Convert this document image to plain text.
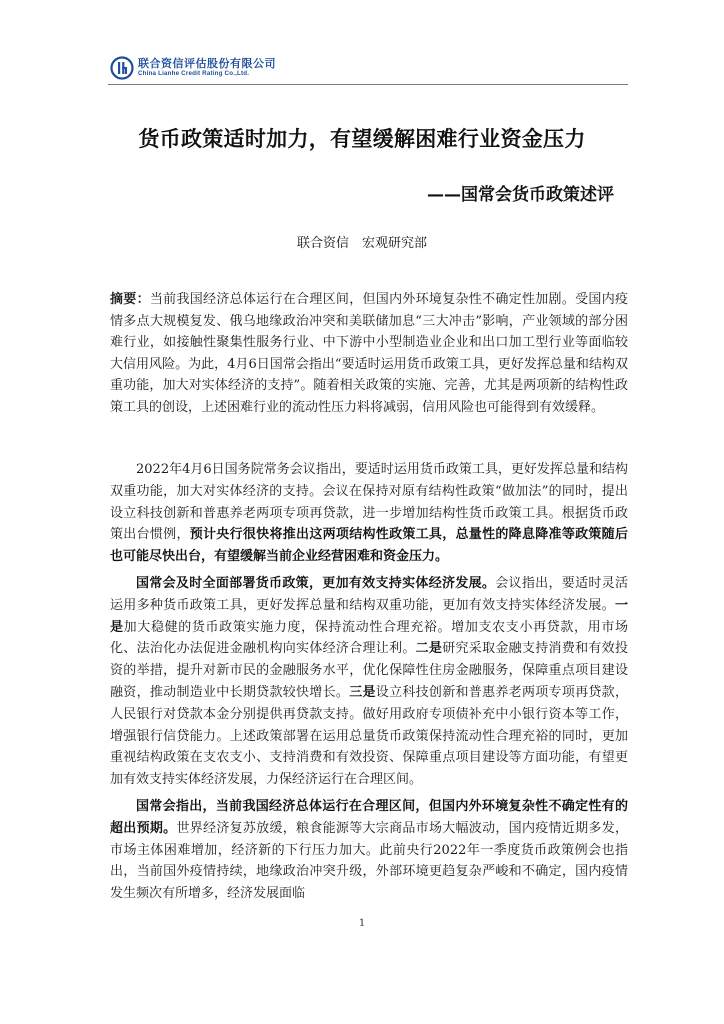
联合资信评估股份有限公司
China Lianhe Credit Rating Co.,Ltd.
货币政策适时加力，有望缓解困难行业资金压力
——国常会货币政策述评
联合资信　宏观研究部
摘要：当前我国经济总体运行在合理区间，但国内外环境复杂性不确定性加剧。受国内疫情多点大规模复发、俄乌地缘政治冲突和美联储加息“三大冲击”影响，产业领域的部分困难行业，如接触性聚集性服务行业、中下游中小型制造业企业和出口加工型行业等面临较大信用风险。为此，4月6日国常会指出“要适时运用货币政策工具，更好发挥总量和结构双重功能，加大对实体经济的支持”。随着相关政策的实施、完善，尤其是两项新的结构性政策工具的创设，上述困难行业的流动性压力料将减弱，信用风险也可能得到有效缓释。

2022年4月6日国务院常务会议指出，要适时运用货币政策工具，更好发挥总量和结构双重功能，加大对实体经济的支持。会议在保持对原有结构性政策“做加法”的同时，提出设立科技创新和普惠养老两项专项再贷款，进一步增加结构性货币政策工具。根据货币政策出台惯例，预计央行很快将推出这两项结构性政策工具，总量性的降息降准等政策随后也可能尽快出台，有望缓解当前企业经营困难和资金压力。

国常会及时全面部署货币政策，更加有效支持实体经济发展。会议指出，要适时灵活运用多种货币政策工具，更好发挥总量和结构双重功能，更加有效支持实体经济发展。一是加大稳健的货币政策实施力度，保持流动性合理充裕。增加支农支小再贷款，用市场化、法治化办法促进金融机构向实体经济合理让利。二是研究采取金融支持消费和有效投资的举措，提升对新市民的金融服务水平，优化保障性住房金融服务，保障重点项目建设融资，推动制造业中长期贷款较快增长。三是设立科技创新和普惠养老两项专项再贷款，人民银行对贷款本金分别提供再贷款支持。做好用政府专项债补充中小银行资本等工作，增强银行信贷能力。上述政策部署在运用总量货币政策保持流动性合理充裕的同时，更加重视结构政策在支农支小、支持消费和有效投资、保障重点项目建设等方面功能，有望更加有效支持实体经济发展，力保经济运行在合理区间。

国常会指出，当前我国经济总体运行在合理区间，但国内外环境复杂性不确定性有的超出预期。世界经济复苏放缓，粮食能源等大宗商品市场大幅波动，国内疫情近期多发，市场主体困难增加，经济新的下行压力加大。此前央行2022年一季度货币政策例会也指出，当前国外疫情持续，地缘政治冲突升级，外部环境更趋复杂严峻和不确定，国内疫情发生频次有所增多，经济发展面临

1
